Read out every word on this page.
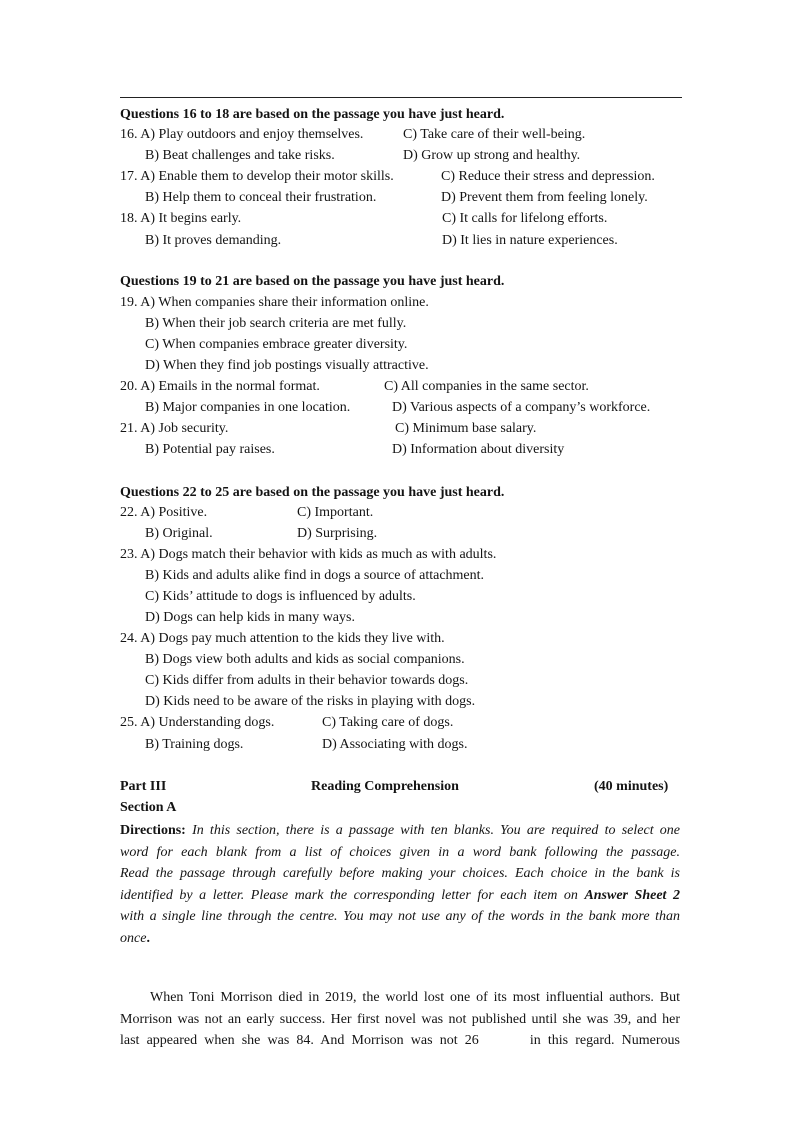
Questions 16 to 18 are based on the passage you have just heard.
16. A) Play outdoors and enjoy themselves.	C) Take care of their well-being.
B) Beat challenges and take risks.	D) Grow up strong and healthy.
17. A) Enable them to develop their motor skills.	C) Reduce their stress and depression.
B) Help them to conceal their frustration.	D) Prevent them from feeling lonely.
18. A) It begins early.	C) It calls for lifelong efforts.
B) It proves demanding.	D) It lies in nature experiences.
Questions 19 to 21 are based on the passage you have just heard.
19. A) When companies share their information online.
B) When their job search criteria are met fully.
C) When companies embrace greater diversity.
D) When they find job postings visually attractive.
20. A) Emails in the normal format.	C) All companies in the same sector.
B) Major companies in one location.	D) Various aspects of a company’s workforce.
21. A) Job security.	C) Minimum base salary.
B) Potential pay raises.	D) Information about diversity
Questions 22 to 25 are based on the passage you have just heard.
22. A) Positive.	C) Important.
B) Original.	D) Surprising.
23. A) Dogs match their behavior with kids as much as with adults.
B) Kids and adults alike find in dogs a source of attachment.
C) Kids’ attitude to dogs is influenced by adults.
D) Dogs can help kids in many ways.
24. A) Dogs pay much attention to the kids they live with.
B) Dogs view both adults and kids as social companions.
C) Kids differ from adults in their behavior towards dogs.
D) Kids need to be aware of the risks in playing with dogs.
25. A) Understanding dogs.	C) Taking care of dogs.
B) Training dogs.	D) Associating with dogs.
Part III	Reading Comprehension	(40 minutes)
Section A
Directions: In this section, there is a passage with ten blanks. You are required to select one
word for each blank from a list of choices given in a word bank following the passage.
Read the passage through carefully before making your choices. Each choice in the bank is
identified by a letter. Please mark the corresponding letter for each item on Answer Sheet 2
with a single line through the centre. You may not use any of the words in the bank more than
once.
When Toni Morrison died in 2019, the world lost one of its most influential authors. But
Morrison was not an early success. Her first novel was not published until she was 39, and her
last appeared when she was 84. And Morrison was not 26	in this regard. Numerous
